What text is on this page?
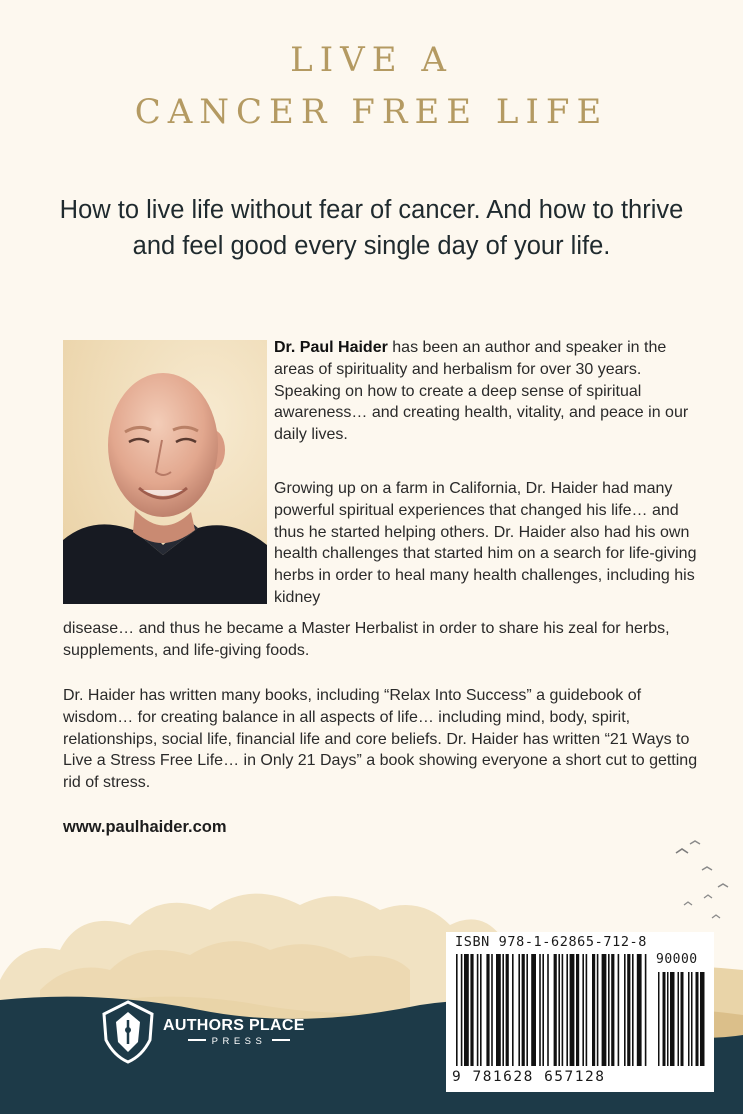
LIVE A
CANCER FREE LIFE

How to live life without fear of cancer. And how to thrive and feel good every single day of your life.

Dr. Paul Haider has been an author and speaker in the areas of spirituality and herbalism for over 30 years. Speaking on how to create a deep sense of spiritual awareness… and creating health, vitality, and peace in our daily lives.

Growing up on a farm in California, Dr. Haider had many powerful spiritual experiences that changed his life… and thus he started helping others. Dr. Haider also had his own health challenges that started him on a search for life-giving herbs in order to heal many health challenges, including his kidney

disease… and thus he became a Master Herbalist in order to share his zeal for herbs, supplements, and life-giving foods.

Dr. Haider has written many books, including “Relax Into Success” a guidebook of wisdom… for creating balance in all aspects of life… including mind, body, spirit, relationships, social life, financial life and core beliefs. Dr. Haider has written “21 Ways to Live a Stress Free Life… in Only 21 Days” a book showing everyone a short cut to getting rid of stress.

www.paulhaider.com

ISBN 978-1-62865-712-8

90000

9 781628 657128

AUTHORS PLACE

PRESS
